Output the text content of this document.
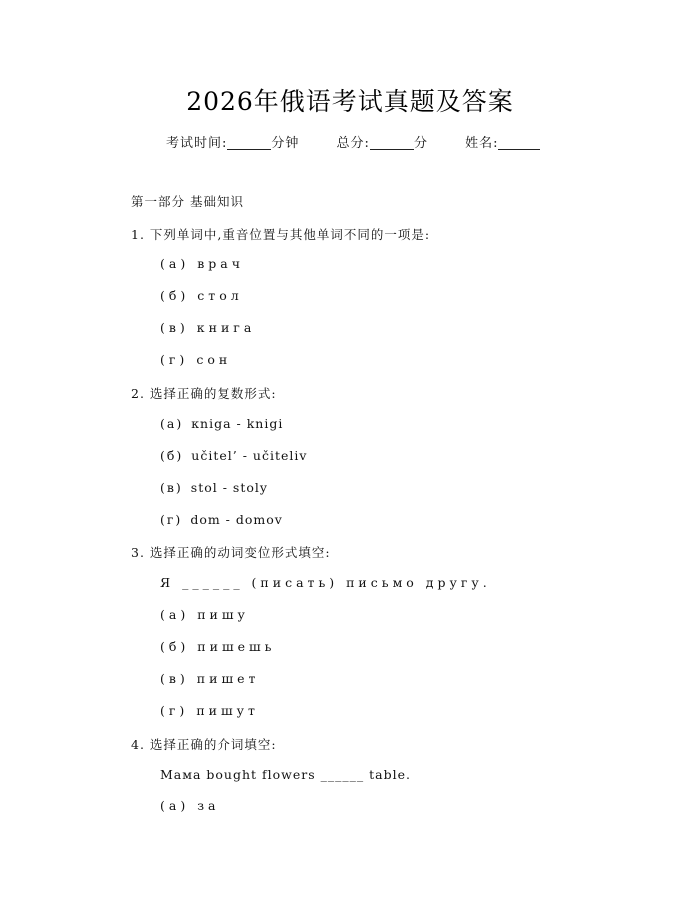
2026年俄语考试真题及答案
考试时间:	分钟	总分:	分	姓名:
第一部分 基础知识
1. 下列单词中,重音位置与其他单词不同的一项是:
(а) врач
(б) стол
(в) книга
(г) сон
2. 选择正确的复数形式:
(а) кniga - knigi
(б) učitel’ - učiteliv
(в) stol - stoly
(г) dom - domov
3. 选择正确的动词变位形式填空:
Я ______ (писать) письмо другу.
(а) пишу
(б) пишешь
(в) пишет
(г) пишут
4. 选择正确的介词填空:
Мама bought flowers ______ table.
(а) за
